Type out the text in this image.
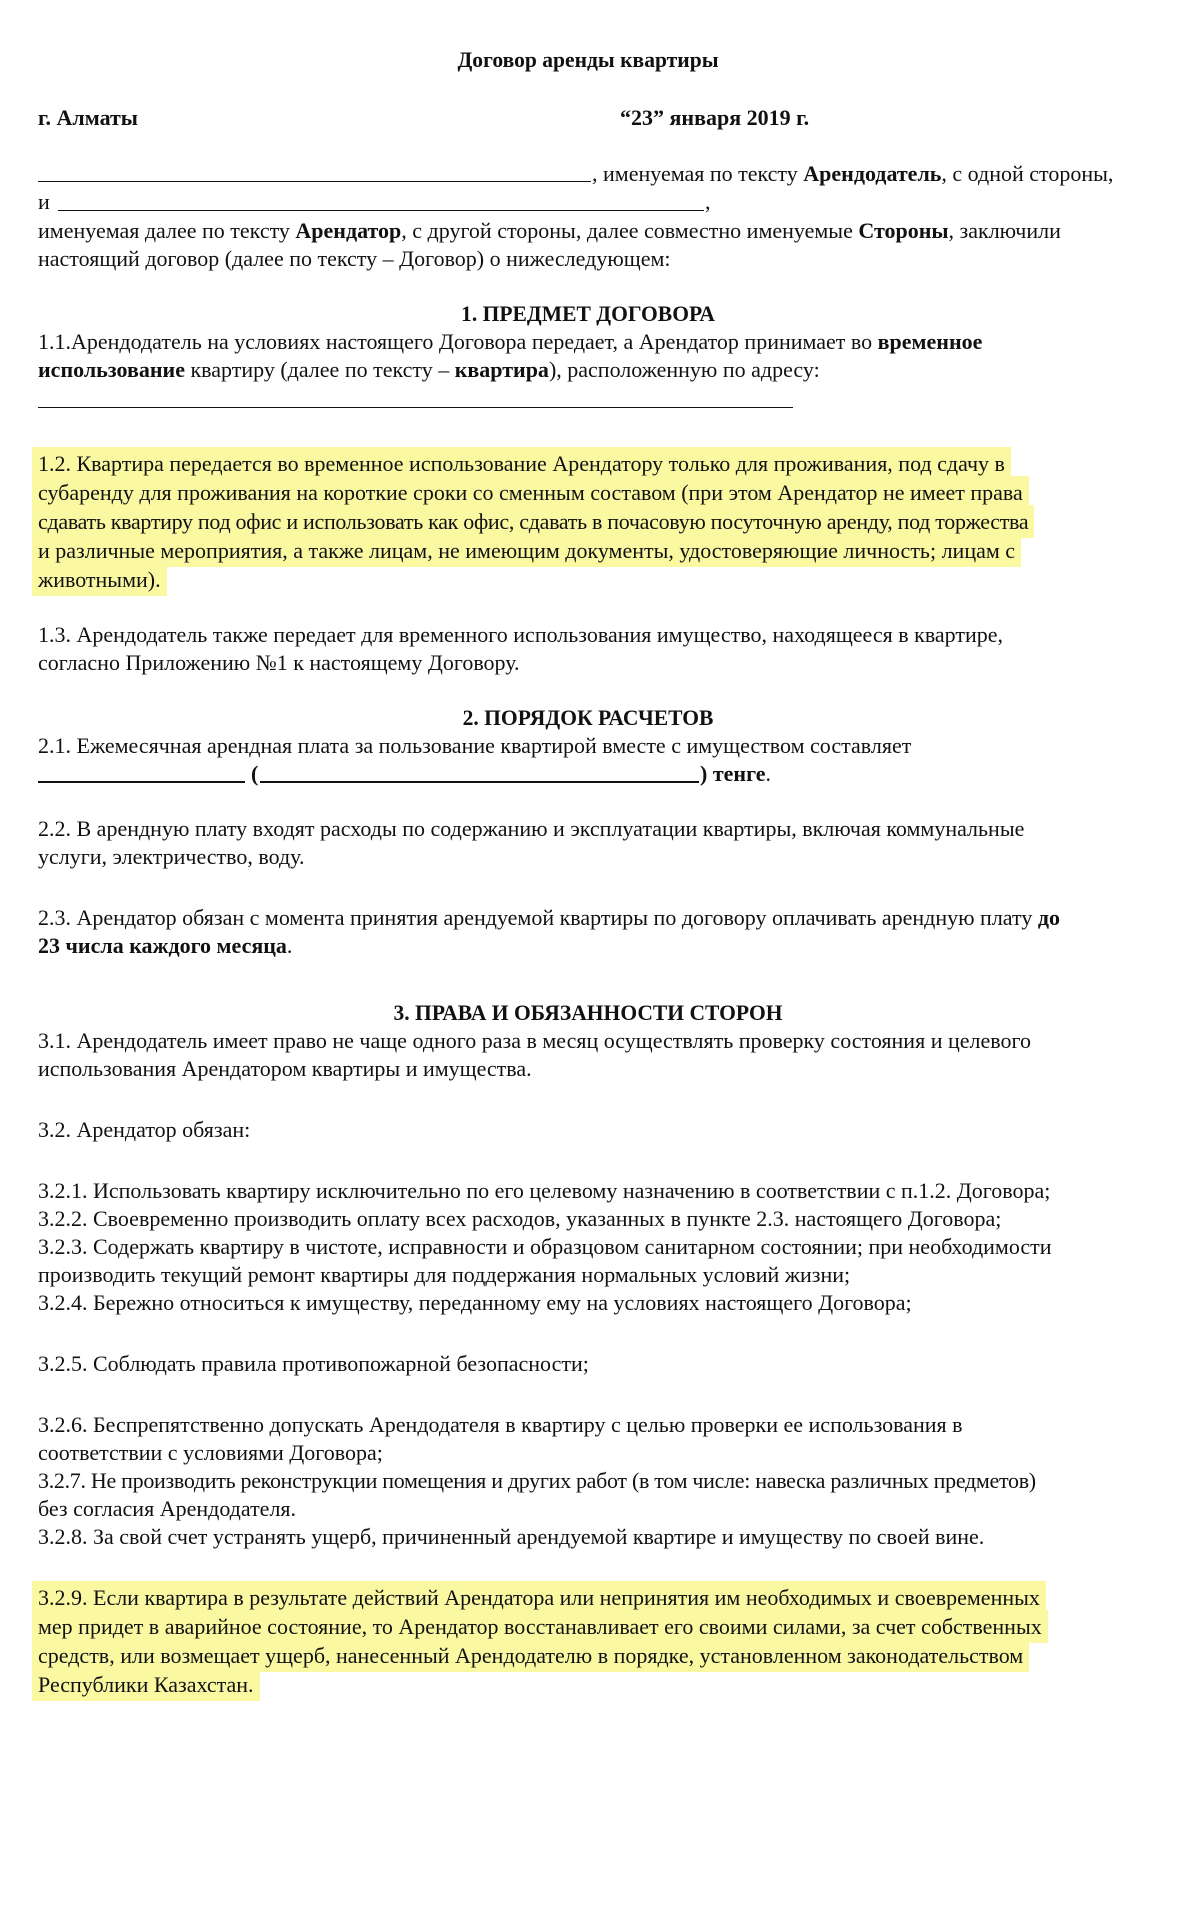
Договор аренды квартиры
г. Алматы	“23” января 2019 г.
, именуемая по тексту Арендодатель, с одной стороны,
и	,
именуемая далее по тексту Арендатор, с другой стороны, далее совместно именуемые Стороны, заключили
настоящий договор (далее по тексту – Договор) о нижеследующем:
1. ПРЕДМЕТ ДОГОВОРА
1.1.Арендодатель на условиях настоящего Договора передает, а Арендатор принимает во временное
использование квартиру (далее по тексту – квартира), расположенную по адресу:
1.2. Квартира передается во временное использование Арендатору только для проживания, под сдачу в
субаренду для проживания на короткие сроки со сменным составом (при этом Арендатор не имеет права
сдавать квартиру под офис и использовать как офис, сдавать в почасовую посуточную аренду, под торжества
и различные мероприятия, а также лицам, не имеющим документы, удостоверяющие личность; лицам с
животными).
1.3. Арендодатель также передает для временного использования имущество, находящееся в квартире,
согласно Приложению №1 к настоящему Договору.
2. ПОРЯДОК РАСЧЕТОВ
2.1. Ежемесячная арендная плата за пользование квартирой вместе с имуществом составляет
(	) тенге.
2.2. В арендную плату входят расходы по содержанию и эксплуатации квартиры, включая коммунальные
услуги, электричество, воду.
2.3. Арендатор обязан с момента принятия арендуемой квартиры по договору оплачивать арендную плату до
23 числа каждого месяца.
3. ПРАВА И ОБЯЗАННОСТИ СТОРОН
3.1. Арендодатель имеет право не чаще одного раза в месяц осуществлять проверку состояния и целевого
использования Арендатором квартиры и имущества.
3.2. Арендатор обязан:
3.2.1. Использовать квартиру исключительно по его целевому назначению в соответствии с п.1.2. Договора;
3.2.2. Своевременно производить оплату всех расходов, указанных в пункте 2.3. настоящего Договора;
3.2.3. Содержать квартиру в чистоте, исправности и образцовом санитарном состоянии; при необходимости
производить текущий ремонт квартиры для поддержания нормальных условий жизни;
3.2.4. Бережно относиться к имуществу, переданному ему на условиях настоящего Договора;
3.2.5. Соблюдать правила противопожарной безопасности;
3.2.6. Беспрепятственно допускать Арендодателя в квартиру с целью проверки ее использования в
соответствии с условиями Договора;
3.2.7. Не производить реконструкции помещения и других работ (в том числе: навеска различных предметов)
без согласия Арендодателя.
3.2.8. За свой счет устранять ущерб, причиненный арендуемой квартире и имуществу по своей вине.
3.2.9. Если квартира в результате действий Арендатора или непринятия им необходимых и своевременных
мер придет в аварийное состояние, то Арендатор восстанавливает его своими силами, за счет собственных
средств, или возмещает ущерб, нанесенный Арендодателю в порядке, установленном законодательством
Республики Казахстан.
